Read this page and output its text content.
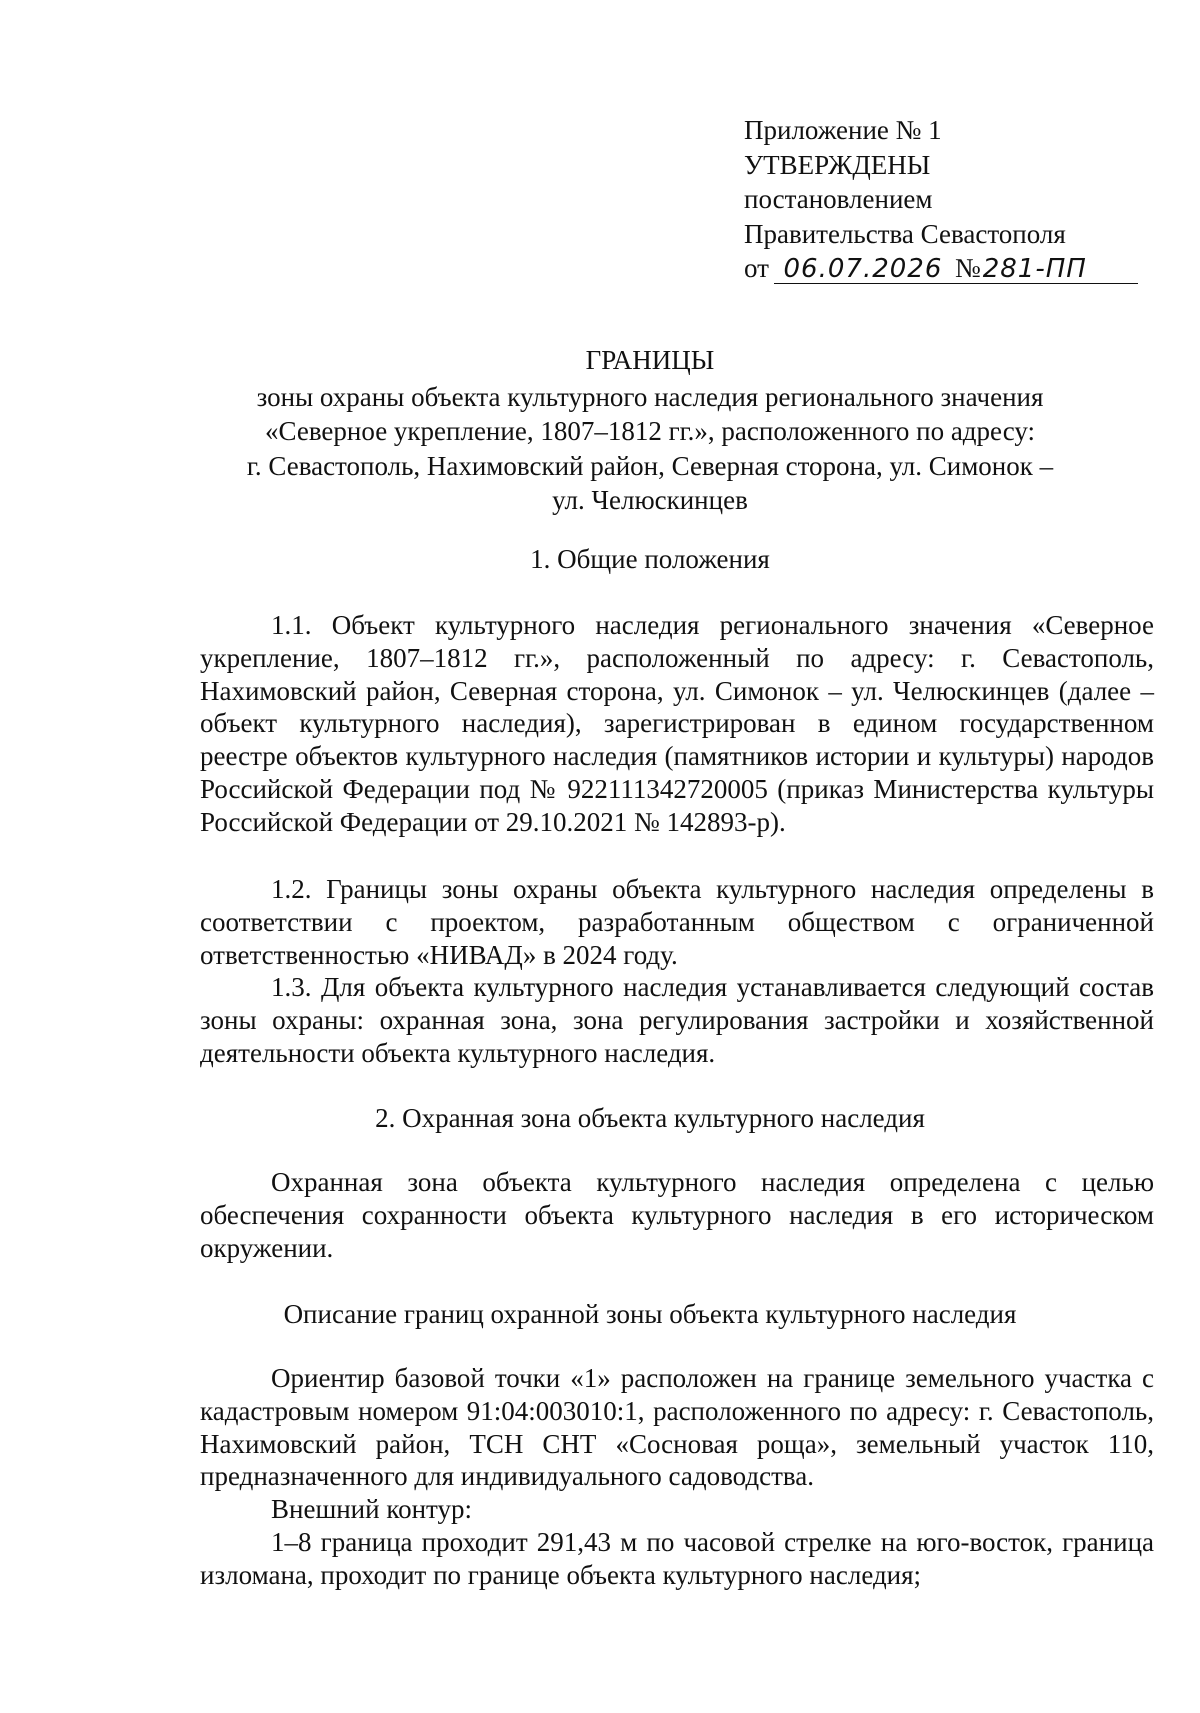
Приложение № 1
УТВЕРЖДЕНЫ
постановлением
Правительства Севастополя
от 06.07.2026 №281-ПП
ГРАНИЦЫ
зоны охраны объекта культурного наследия регионального значения
«Северное укрепление, 1807–1812 гг.», расположенного по адресу:
г. Севастополь, Нахимовский район, Северная сторона, ул. Симонок –
ул. Челюскинцев
1. Общие положения
1.1. Объект культурного наследия регионального значения «Северное укрепление, 1807–1812 гг.», расположенный по адресу: г. Севастополь, Нахимовский район, Северная сторона, ул. Симонок – ул. Челюскинцев (далее – объект культурного наследия), зарегистрирован в едином государственном реестре объектов культурного наследия (памятников истории и культуры) народов Российской Федерации под № 922111342720005 (приказ Министерства культуры Российской Федерации от 29.10.2021 № 142893-р).
1.2. Границы зоны охраны объекта культурного наследия определены в соответствии с проектом, разработанным обществом с ограниченной ответственностью «НИВАД» в 2024 году.
1.3. Для объекта культурного наследия устанавливается следующий состав зоны охраны: охранная зона, зона регулирования застройки и хозяйственной деятельности объекта культурного наследия.
2. Охранная зона объекта культурного наследия
Охранная зона объекта культурного наследия определена с целью обеспечения сохранности объекта культурного наследия в его историческом окружении.
Описание границ охранной зоны объекта культурного наследия
Ориентир базовой точки «1» расположен на границе земельного участка с кадастровым номером 91:04:003010:1, расположенного по адресу: г. Севастополь, Нахимовский район, ТСН СНТ «Сосновая роща», земельный участок 110, предназначенного для индивидуального садоводства.
Внешний контур:
1–8 граница проходит 291,43 м по часовой стрелке на юго-восток, граница изломана, проходит по границе объекта культурного наследия;
